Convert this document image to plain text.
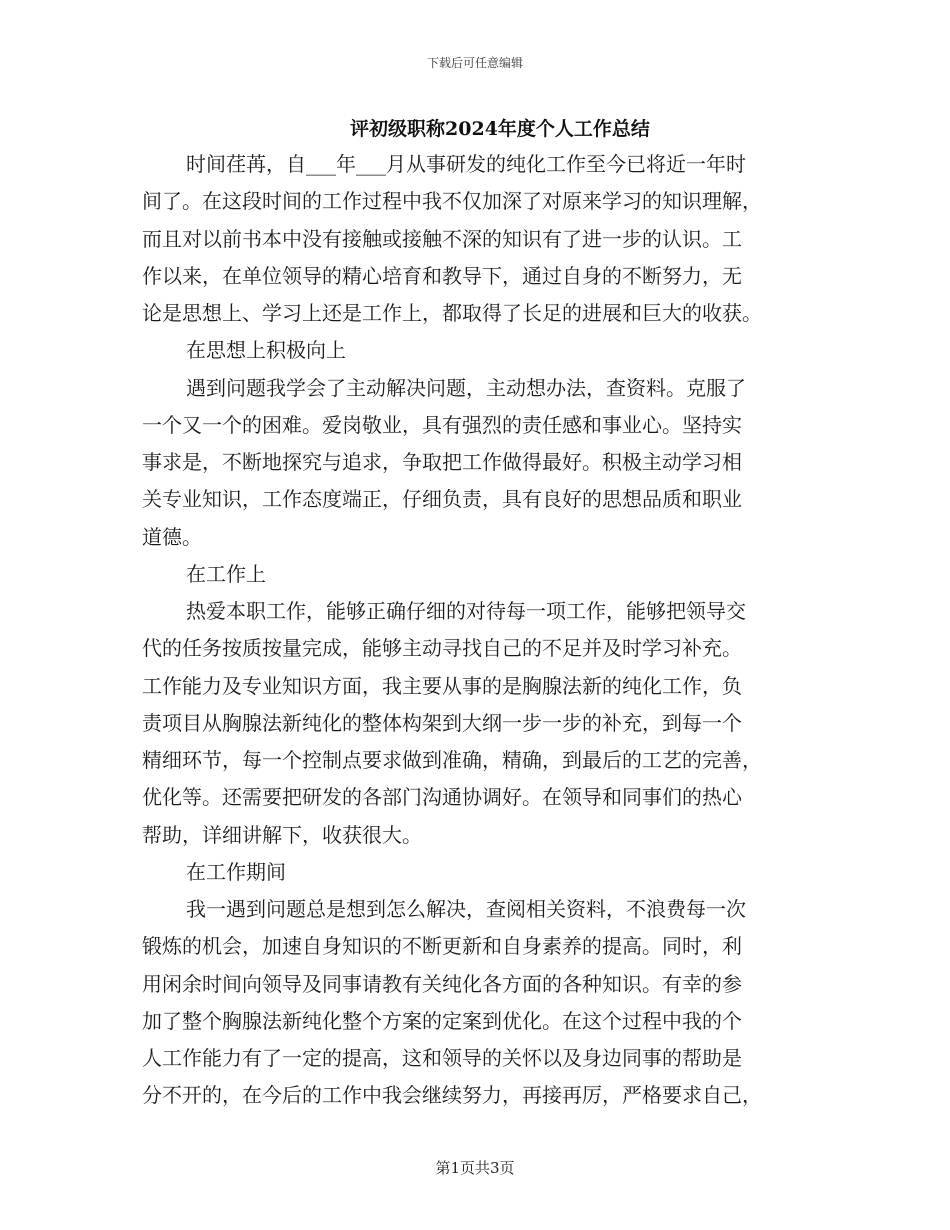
下载后可任意编辑
评初级职称2024年度个人工作总结
时间荏苒，自___年___月从事研发的纯化工作至今已将近一年时
间了。在这段时间的工作过程中我不仅加深了对原来学习的知识理解，
而且对以前书本中没有接触或接触不深的知识有了进一步的认识。工
作以来，在单位领导的精心培育和教导下，通过自身的不断努力，无
论是思想上、学习上还是工作上，都取得了长足的进展和巨大的收获。
在思想上积极向上
遇到问题我学会了主动解决问题，主动想办法，查资料。克服了
一个又一个的困难。爱岗敬业，具有强烈的责任感和事业心。坚持实
事求是，不断地探究与追求，争取把工作做得最好。积极主动学习相
关专业知识，工作态度端正，仔细负责，具有良好的思想品质和职业
道德。
在工作上
热爱本职工作，能够正确仔细的对待每一项工作，能够把领导交
代的任务按质按量完成，能够主动寻找自己的不足并及时学习补充。
工作能力及专业知识方面，我主要从事的是胸腺法新的纯化工作，负
责项目从胸腺法新纯化的整体构架到大纲一步一步的补充，到每一个
精细环节，每一个控制点要求做到准确，精确，到最后的工艺的完善，
优化等。还需要把研发的各部门沟通协调好。在领导和同事们的热心
帮助，详细讲解下，收获很大。
在工作期间
我一遇到问题总是想到怎么解决，查阅相关资料，不浪费每一次
锻炼的机会，加速自身知识的不断更新和自身素养的提高。同时，利
用闲余时间向领导及同事请教有关纯化各方面的各种知识。有幸的参
加了整个胸腺法新纯化整个方案的定案到优化。在这个过程中我的个
人工作能力有了一定的提高，这和领导的关怀以及身边同事的帮助是
分不开的，在今后的工作中我会继续努力，再接再厉，严格要求自己，
第1页共3页
